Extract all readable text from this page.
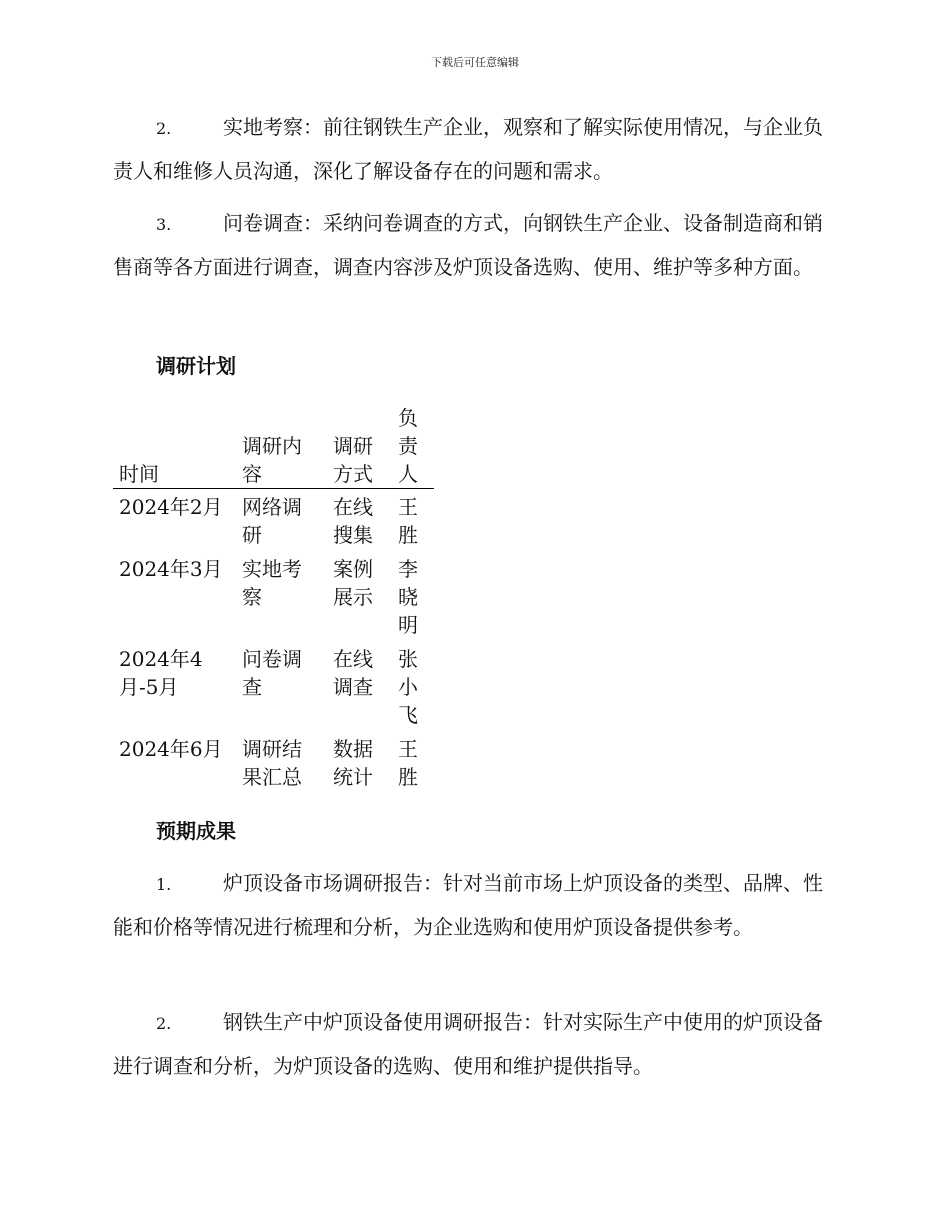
下载后可任意编辑

2.	实地考察：前往钢铁生产企业，观察和了解实际使用情况，与企业负责人和维修人员沟通，深化了解设备存在的问题和需求。

3.	问卷调查：采纳问卷调查的方式，向钢铁生产企业、设备制造商和销售商等各方面进行调查，调查内容涉及炉顶设备选购、使用、维护等多种方面。

调研计划
时间	调研内容	调研方式	负责人
2024年2月	网络调研	在线搜集	王胜
2024年3月	实地考察	案例展示	李晓明
2024年4月-5月	问卷调查	在线调查	张小飞
2024年6月	调研结果汇总	数据统计	王胜
预期成果

1.	炉顶设备市场调研报告：针对当前市场上炉顶设备的类型、品牌、性能和价格等情况进行梳理和分析，为企业选购和使用炉顶设备提供参考。

2.	钢铁生产中炉顶设备使用调研报告：针对实际生产中使用的炉顶设备进行调查和分析，为炉顶设备的选购、使用和维护提供指导。
